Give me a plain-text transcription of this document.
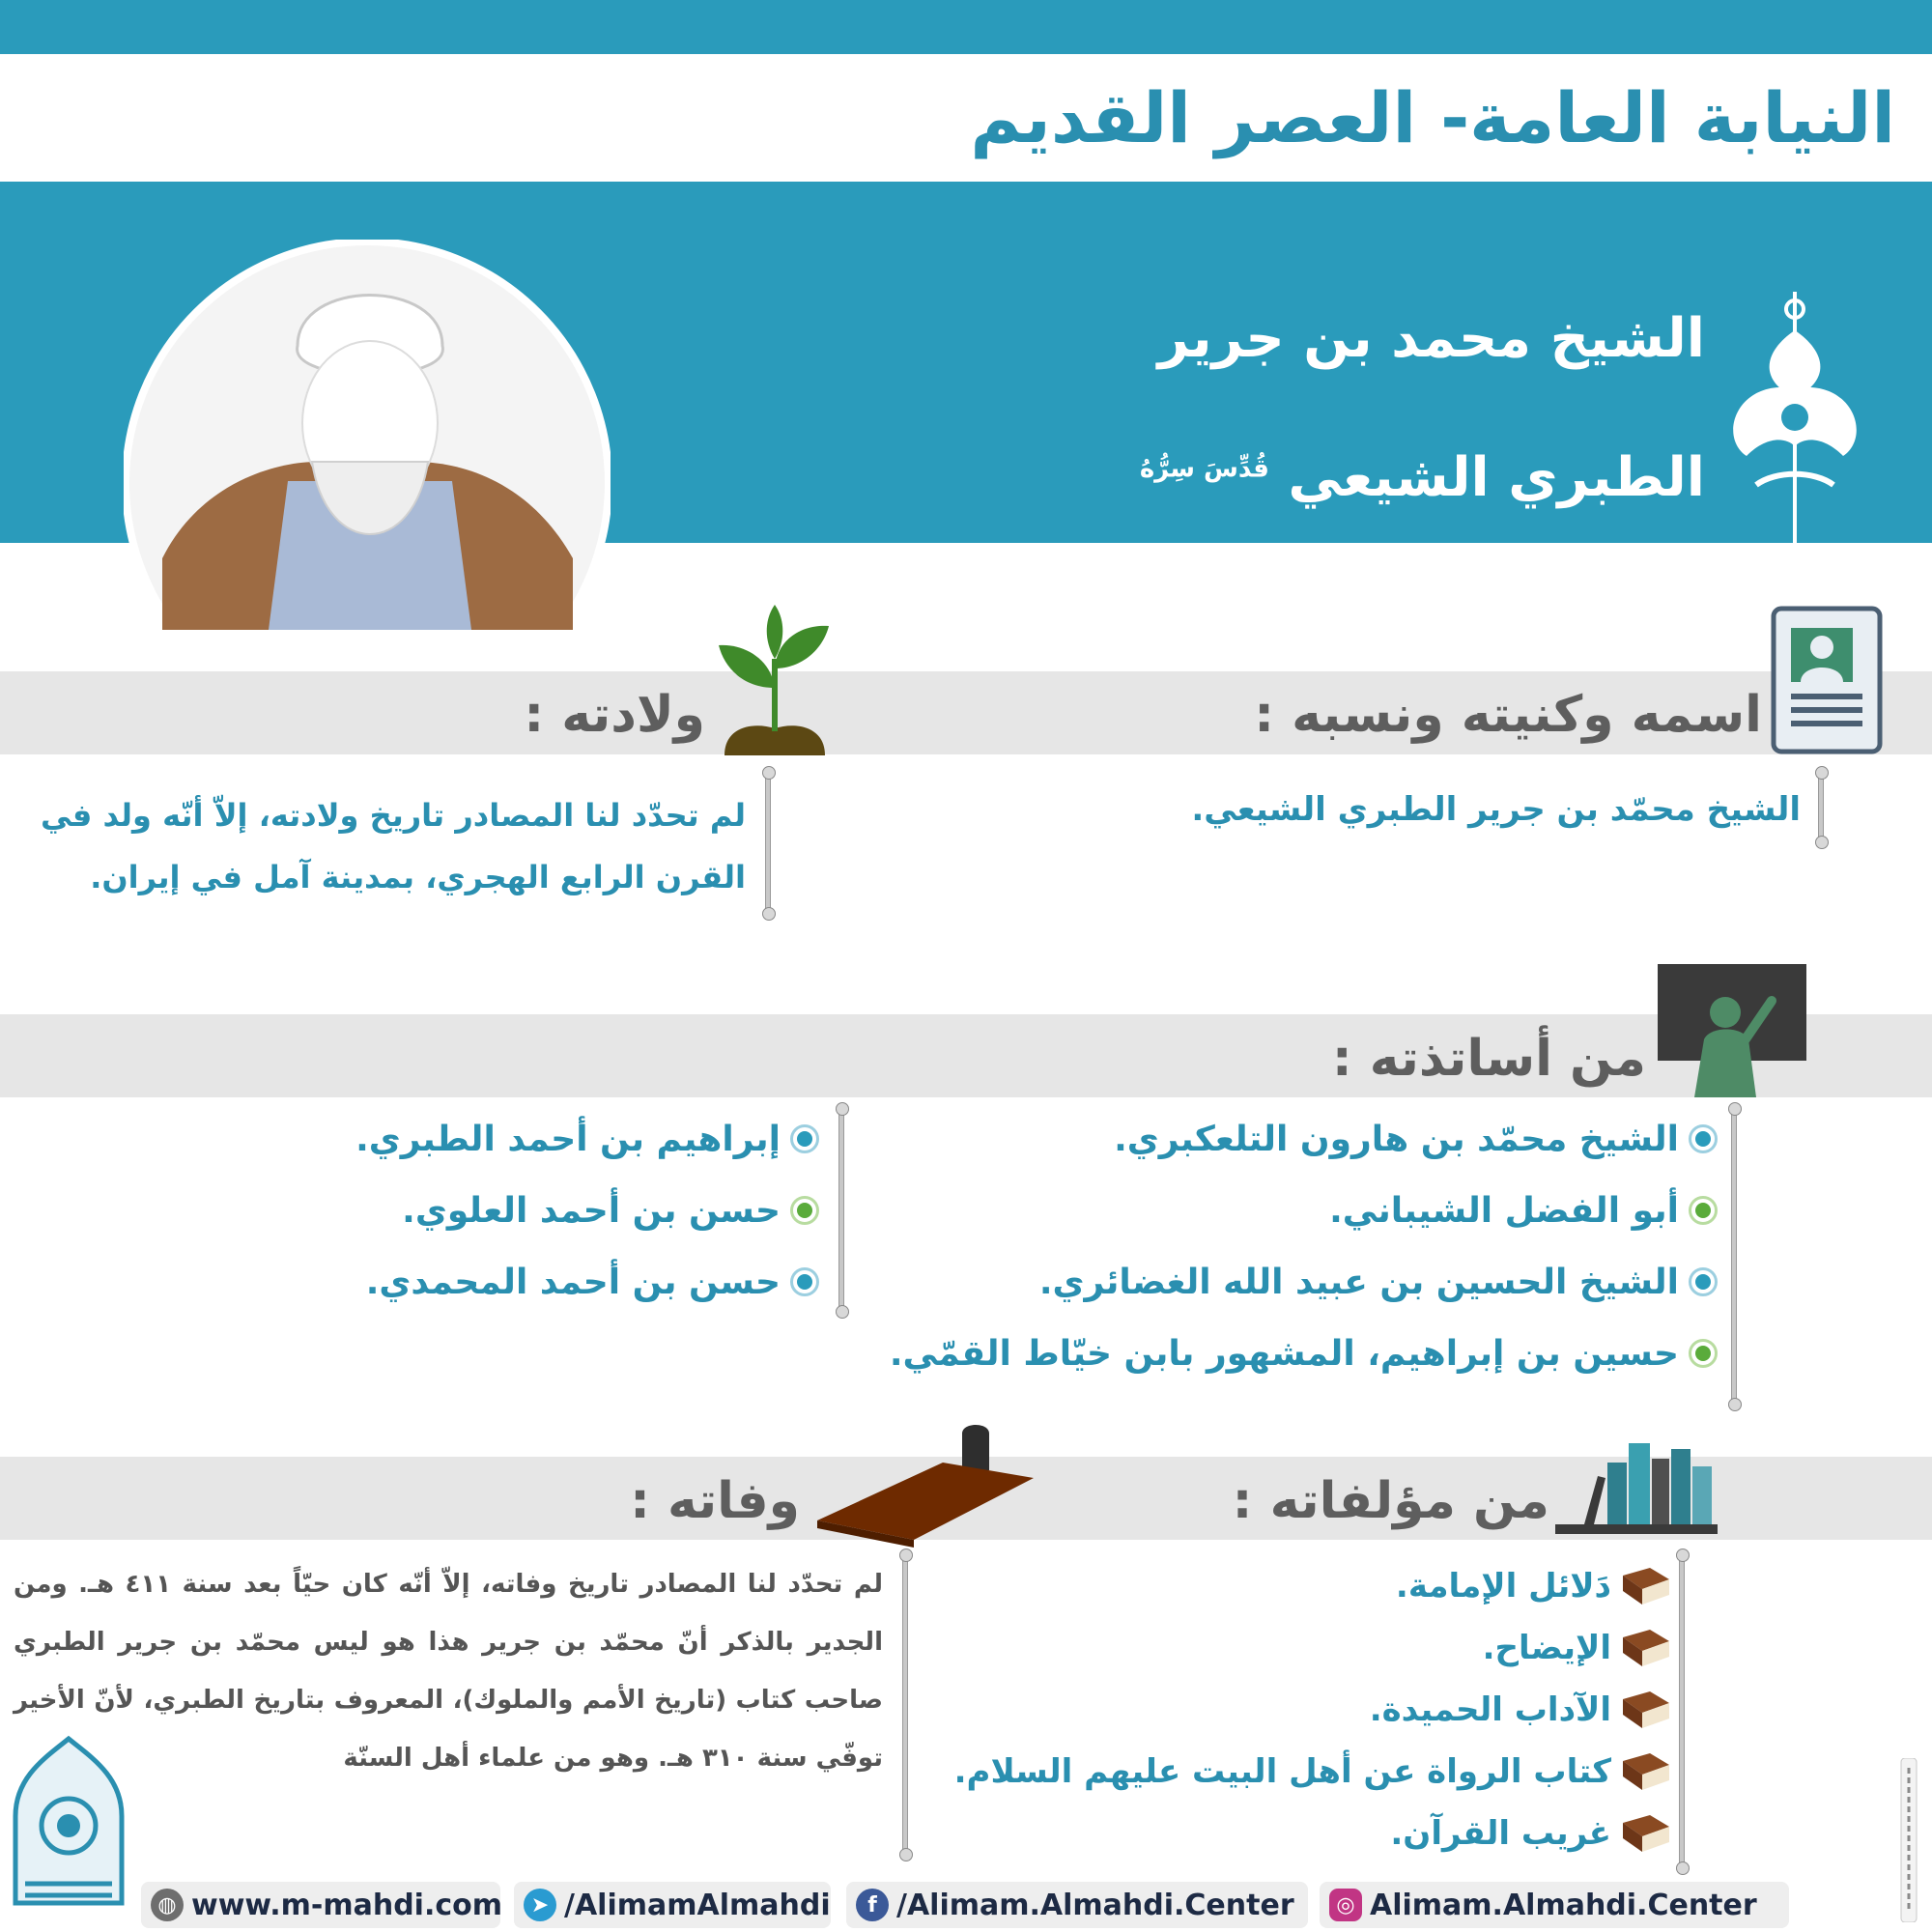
النيابة العامة- العصر القديم
الشيخ محمد بن جرير
الطبري الشيعي $^{قُدِّسَ سِرُّهُ}$
اسمه وكنيته ونسبه :
الشيخ محمّد بن جرير الطبري الشيعي.
ولادته :
لم تحدّد لنا المصادر تاريخ ولادته، إلاّ أنّه ولد في القرن الرابع الهجري، بمدينة آمل في إيران.
من أساتذته :
الشيخ محمّد بن هارون التلعكبري.
أبو الفضل الشيباني.
الشيخ الحسين بن عبيد الله الغضائري.
حسين بن إبراهيم، المشهور بابن خيّاط القمّي.
إبراهيم بن أحمد الطبري.
حسن بن أحمد العلوي.
حسن بن أحمد المحمدي.
من مؤلفاته :
دَلائل الإمامة.
الإيضاح.
الآداب الحميدة.
كتاب الرواة عن أهل البيت عليهم السلام.
غريب القرآن.
وفاته :
لم تحدّد لنا المصادر تاريخ وفاته، إلاّ أنّه كان حيّاً بعد سنة ٤١١ هـ. ومن الجدير بالذكر أنّ محمّد بن جرير هذا هو ليس محمّد بن جرير الطبري صاحب كتاب (تاريخ الأمم والملوك)، المعروف بتاريخ الطبري، لأنّ الأخير توفّي سنة ٣١٠ هـ. وهو من علماء أهل السنّة
◍ www.m-mahdi.com	➤ /AlimamAlmahdi	f /Alimam.Almahdi.Center	◎ Alimam.Almahdi.Center
